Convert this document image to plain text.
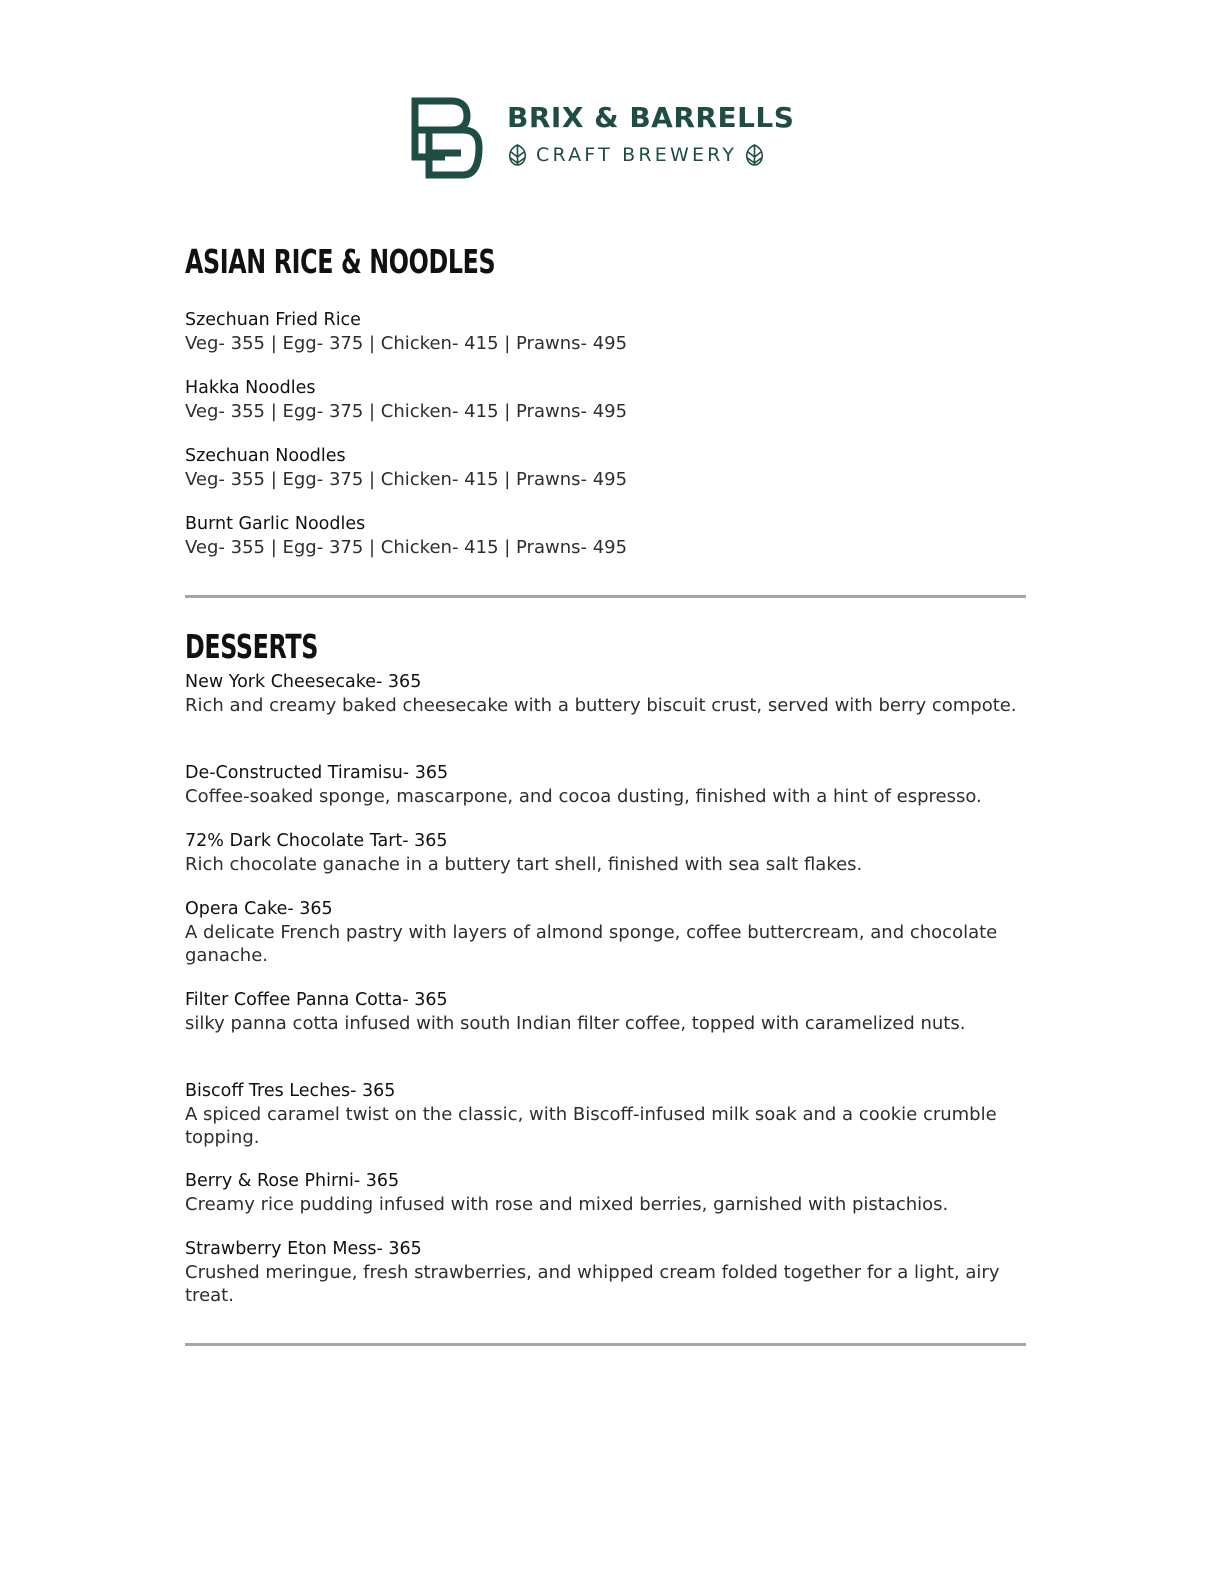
BRIX & BARRELLS
CRAFT BREWERY
ASIAN RICE & NOODLES
Szechuan Fried Rice
Veg- 355 | Egg- 375 | Chicken- 415 | Prawns- 495
Hakka Noodles
Veg- 355 | Egg- 375 | Chicken- 415 | Prawns- 495
Szechuan Noodles
Veg- 355 | Egg- 375 | Chicken- 415 | Prawns- 495
Burnt Garlic Noodles
Veg- 355 | Egg- 375 | Chicken- 415 | Prawns- 495
DESSERTS
New York Cheesecake- 365
Rich and creamy baked cheesecake with a buttery biscuit crust, served with berry compote.
De-Constructed Tiramisu- 365
Coffee-soaked sponge, mascarpone, and cocoa dusting, finished with a hint of espresso.
72% Dark Chocolate Tart- 365
Rich chocolate ganache in a buttery tart shell, finished with sea salt flakes.
Opera Cake- 365
A delicate French pastry with layers of almond sponge, coffee buttercream, and chocolate ganache.
Filter Coffee Panna Cotta- 365
silky panna cotta infused with south Indian filter coffee, topped with caramelized nuts.
Biscoff Tres Leches- 365
A spiced caramel twist on the classic, with Biscoff-infused milk soak and a cookie crumble topping.
Berry & Rose Phirni- 365
Creamy rice pudding infused with rose and mixed berries, garnished with pistachios.
Strawberry Eton Mess- 365
Crushed meringue, fresh strawberries, and whipped cream folded together for a light, airy treat.
